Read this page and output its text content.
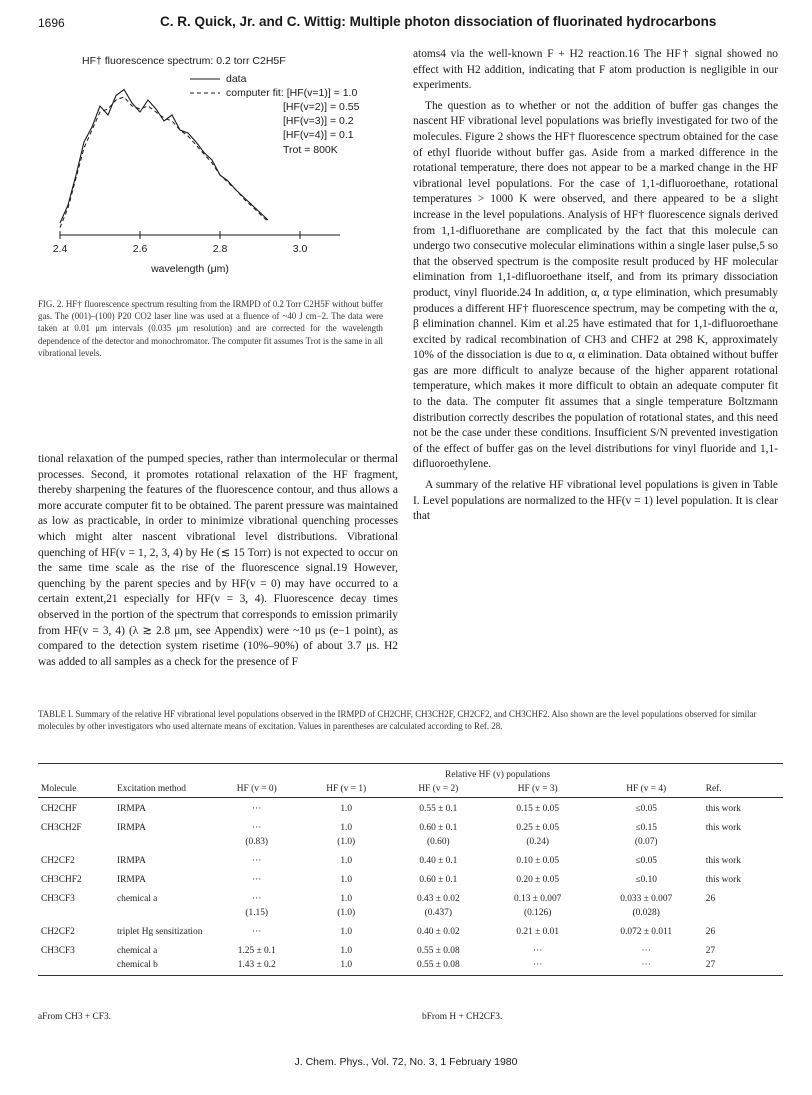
1696	C. R. Quick, Jr. and C. Wittig: Multiple photon dissociation of fluorinated hydrocarbons
HF† fluorescence spectrum: 0.2 torr C2H5F
data
computer fit: [HF(v=1)] = 1.0
[HF(v=2)] = 0.55
[HF(v=3)] = 0.2
[HF(v=4)] = 0.1
Trot = 800K
2.4	2.6	2.8	3.0
wavelength (μm)
FIG. 2. HF† fluorescence spectrum resulting from the IRMPD of 0.2 Torr C2H5F without buffer gas. The (001)–(100) P20 CO2 laser line was used at a fluence of ~40 J cm−2. The data were taken at 0.01 μm intervals (0.035 μm resolution) and are corrected for the wavelength dependence of the detector and monochromator. The computer fit assumes Trot is the same in all vibrational levels.

tional relaxation of the pumped species, rather than intermolecular or thermal processes. Second, it promotes rotational relaxation of the HF fragment, thereby sharpening the features of the fluorescence contour, and thus allows a more accurate computer fit to be obtained. The parent pressure was maintained as low as practicable, in order to minimize vibrational quenching processes which might alter nascent vibrational level distributions. Vibrational quenching of HF(v = 1, 2, 3, 4) by He (≲ 15 Torr) is not expected to occur on the same time scale as the rise of the fluorescence signal.19 However, quenching by the parent species and by HF(v = 0) may have occurred to a certain extent,21 especially for HF(v = 3, 4). Fluorescence decay times observed in the portion of the spectrum that corresponds to emission primarily from HF(v = 3, 4) (λ ≳ 2.8 μm, see Appendix) were ~10 μs (e−1 point), as compared to the detection system risetime (10%–90%) of about 3.7 μs. H2 was added to all samples as a check for the presence of F

atoms4 via the well-known F + H2 reaction.16 The HF† signal showed no effect with H2 addition, indicating that F atom production is negligible in our experiments.

The question as to whether or not the addition of buffer gas changes the nascent HF vibrational level populations was briefly investigated for two of the molecules. Figure 2 shows the HF† fluorescence spectrum obtained for the case of ethyl fluoride without buffer gas. Aside from a marked difference in the rotational temperature, there does not appear to be a marked change in the HF vibrational level populations. For the case of 1,1-difluoroethane, rotational temperatures > 1000 K were observed, and there appeared to be a slight increase in the level populations. Analysis of HF† fluorescence signals derived from 1,1-difluorethane are complicated by the fact that this molecule can undergo two consecutive molecular eliminations within a single laser pulse,5 so that the observed spectrum is the composite result produced by HF molecular elimination from 1,1-difluoroethane itself, and from its primary dissociation product, vinyl fluoride.24 In addition, α, α type elimination, which presumably produces a different HF† fluorescence spectrum, may be competing with the α, β elimination channel. Kim et al.25 have estimated that for 1,1-difluoroethane excited by radical recombination of CH3 and CHF2 at 298 K, approximately 10% of the dissociation is due to α, α elimination. Data obtained without buffer gas are more difficult to analyze because of the higher apparent rotational temperature, which makes it more difficult to obtain an adequate computer fit to the data. The computer fit assumes that a single temperature Boltzmann distribution correctly describes the population of rotational states, and this need not be the case under these conditions. Insufficient S/N prevented investigation of the effect of buffer gas on the level distributions for vinyl fluoride and 1,1-difluoroethylene.

A summary of the relative HF vibrational level populations is given in Table I. Level populations are normalized to the HF(v = 1) level population. It is clear that

TABLE I. Summary of the relative HF vibrational level populations observed in the IRMPD of CH2CHF, CH3CH2F, CH2CF2, and CH3CHF2. Also shown are the level populations observed for similar molecules by other investigators who used alternate means of excitation. Values in parentheses are calculated according to Ref. 28.
		Relative HF (v) populations					
Molecule	Excitation method	HF (v = 0)	HF (v = 1)	HF (v = 2)	HF (v = 3)	HF (v = 4)	Ref.
CH2CHF	IRMPA	···	1.0	0.55 ± 0.1	0.15 ± 0.05	≤0.05	this work
CH3CH2F	IRMPA	···	1.0	0.60 ± 0.1	0.25 ± 0.05	≤0.15	this work
		(0.83)	(1.0)	(0.60)	(0.24)	(0.07)	
CH2CF2	IRMPA	···	1.0	0.40 ± 0.1	0.10 ± 0.05	≤0.05	this work
CH3CHF2	IRMPA	···	1.0	0.60 ± 0.1	0.20 ± 0.05	≤0.10	this work
CH3CF3	chemical a	···	1.0	0.43 ± 0.02	0.13 ± 0.007	0.033 ± 0.007	26
		(1.15)	(1.0)	(0.437)	(0.126)	(0.028)	
CH2CF2	triplet Hg sensitization	···	1.0	0.40 ± 0.02	0.21 ± 0.01	0.072 ± 0.011	26
CH3CF3	chemical a	1.25 ± 0.1	1.0	0.55 ± 0.08	···	···	27
	chemical b	1.43 ± 0.2	1.0	0.55 ± 0.08	···	···	27
aFrom CH3 + CF3.	bFrom H + CH2CF3.
J. Chem. Phys., Vol. 72, No. 3, 1 February 1980
